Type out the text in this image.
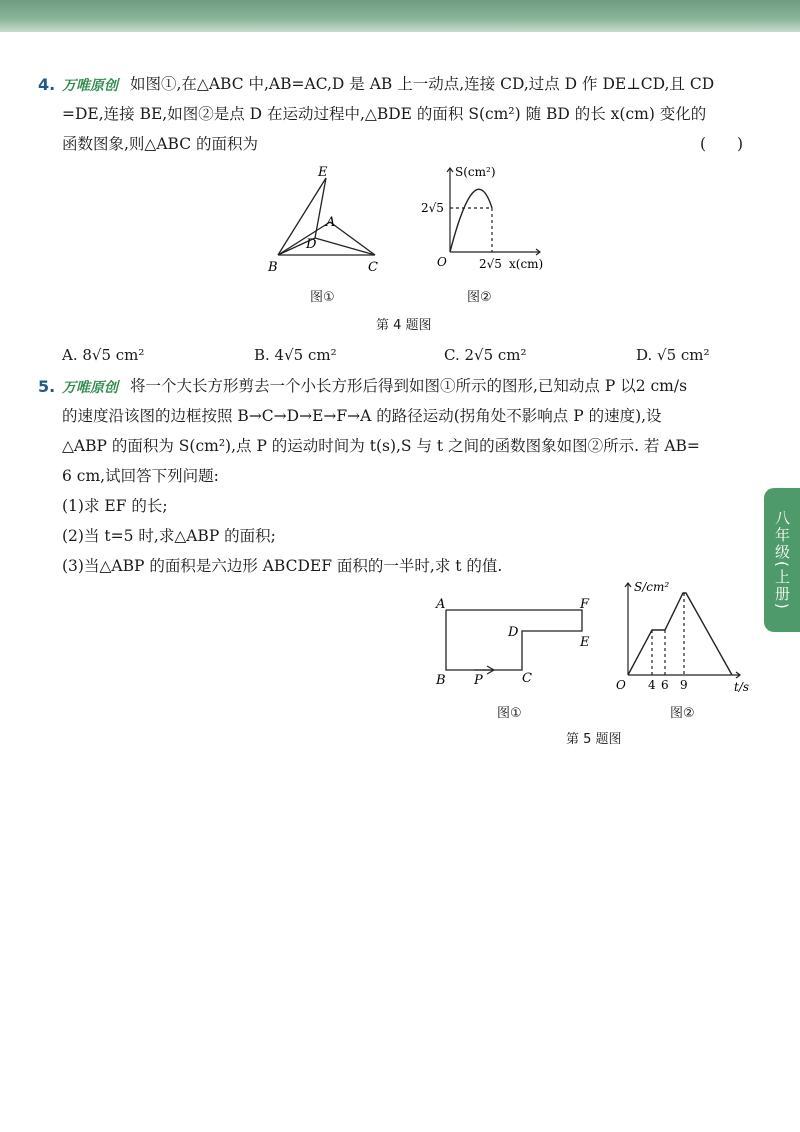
4. 万唯原创 如图①,在△ABC 中,AB=AC,D 是 AB 上一动点,连接 CD,过点 D 作 DE⊥CD,且 CD
=DE,连接 BE,如图②是点 D 在运动过程中,△BDE 的面积 S(cm²) 随 BD 的长 x(cm) 变化的
函数图象,则△ABC 的面积为	(　　)
E
A
D
B	C
图①
S(cm²)
2√5
O	2√5 x(cm)
图②
第 4 题图
A. 8√5 cm²	B. 4√5 cm²	C. 2√5 cm²	D. √5 cm²
5. 万唯原创 将一个大长方形剪去一个小长方形后得到如图①所示的图形,已知动点 P 以2 cm/s
的速度沿该图的边框按照 B→C→D→E→F→A 的路径运动(拐角处不影响点 P 的速度),设
△ABP 的面积为 S(cm²),点 P 的运动时间为 t(s),S 与 t 之间的函数图象如图②所示. 若 AB=
6 cm,试回答下列问题:
(1)求 EF 的长;
(2)当 t=5 时,求△ABP 的面积;
(3)当△ABP 的面积是六边形 ABCDEF 面积的一半时,求 t 的值.
A	F
D
E
B P	C
图①
S/cm²
O 4 6 9	t/s
图②
第 5 题图
八年级(上册)
